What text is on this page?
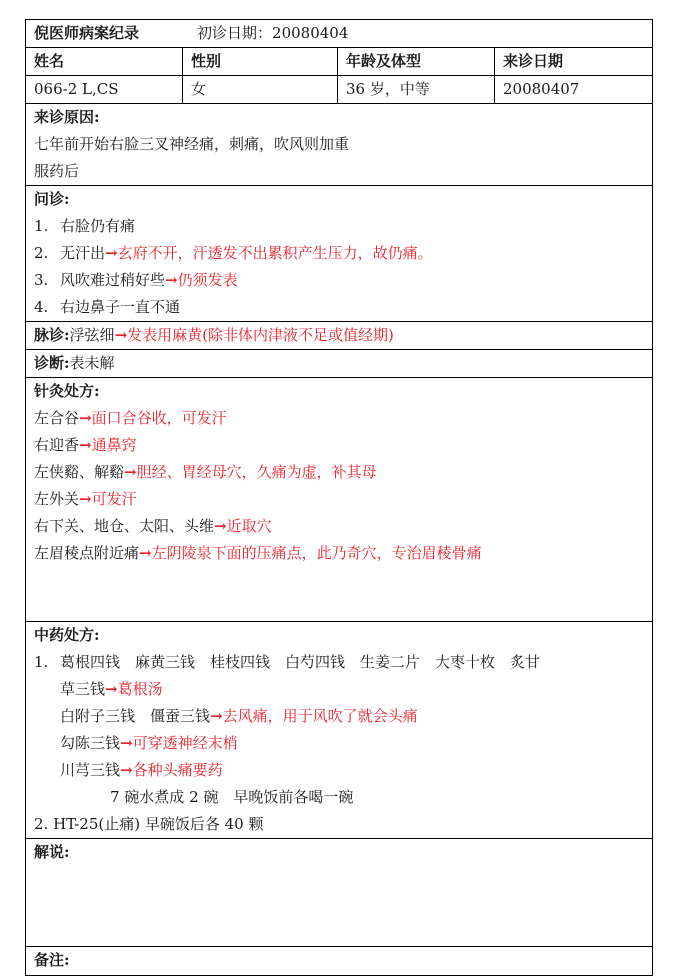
倪医师病案纪录	初诊日期：20080404
姓名	性别	年龄及体型	来诊日期
066-2 L,CS	女	36 岁，中等	20080407
来诊原因:
七年前开始右脸三叉神经痛，刺痛，吹风则加重
服药后
问诊:
1. 右脸仍有痛
2. 无汗出→玄府不开，汗透发不出累积产生压力，故仍痛。
3. 风吹难过稍好些→仍须发表
4. 右边鼻子一直不通
脉诊:浮弦细→发表用麻黄(除非体内津液不足或值经期)
诊断:表未解
针灸处方:
左合谷→面口合谷收，可发汗
右迎香→通鼻窍
左侠谿、解谿→胆经、胃经母穴，久痛为虚，补其母
左外关→可发汗
右下关、地仓、太阳、头维→近取穴
左眉稜点附近痛→左阴陵泉下面的压痛点，此乃奇穴，专治眉稜骨痛
中药处方:
1. 葛根四钱　麻黄三钱　桂枝四钱　白芍四钱　生姜二片　大枣十枚　炙甘
草三钱→葛根汤
白附子三钱　僵蚕三钱→去风痛，用于风吹了就会头痛
勾陈三钱→可穿透神经末梢
川芎三钱→各种头痛要药
7 碗水煮成 2 碗　早晚饭前各喝一碗
2. HT-25(止痛) 早碗饭后各 40 颗
解说:
备注:
